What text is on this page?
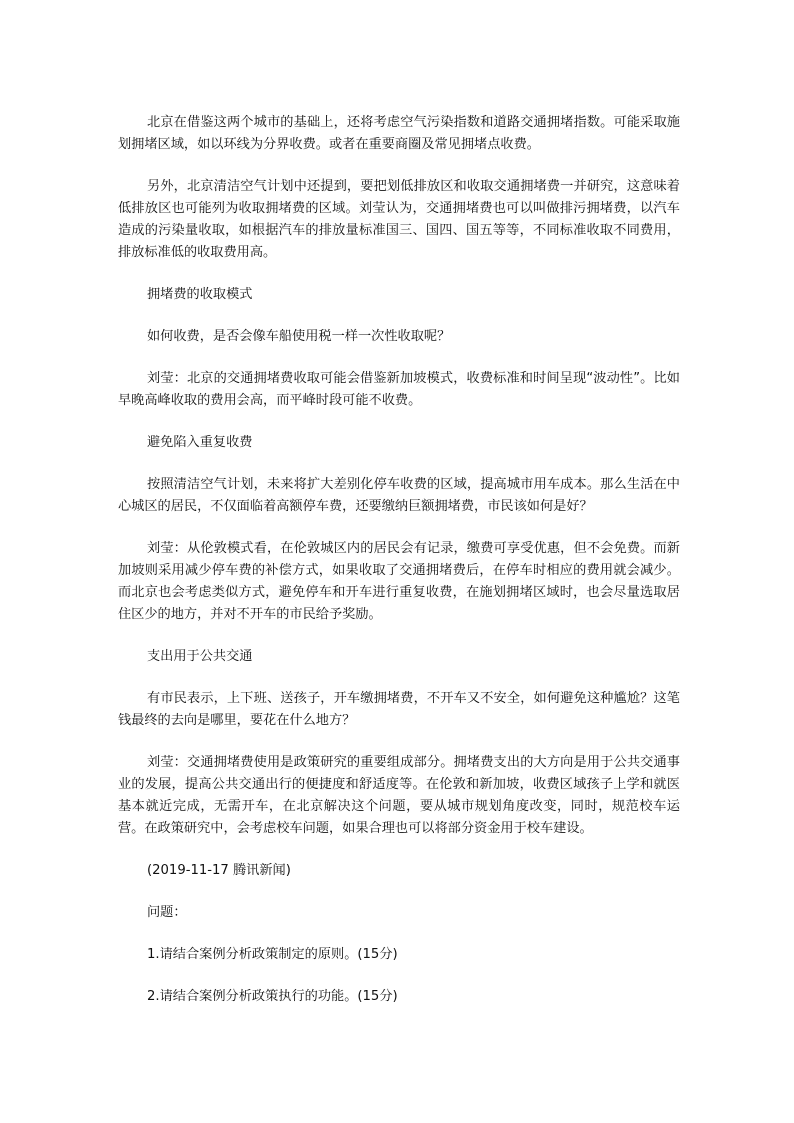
北京在借鉴这两个城市的基础上，还将考虑空气污染指数和道路交通拥堵指数。可能采取施划拥堵区域，如以环线为分界收费。或者在重要商圈及常见拥堵点收费。

另外，北京清洁空气计划中还提到，要把划低排放区和收取交通拥堵费一并研究，这意味着低排放区也可能列为收取拥堵费的区域。刘莹认为，交通拥堵费也可以叫做排污拥堵费，以汽车造成的污染量收取，如根据汽车的排放量标准国三、国四、国五等等，不同标准收取不同费用，排放标准低的收取费用高。

拥堵费的收取模式

如何收费，是否会像车船使用税一样一次性收取呢？

刘莹：北京的交通拥堵费收取可能会借鉴新加坡模式，收费标准和时间呈现“波动性”。比如早晚高峰收取的费用会高，而平峰时段可能不收费。

避免陷入重复收费

按照清洁空气计划，未来将扩大差别化停车收费的区域，提高城市用车成本。那么生活在中心城区的居民，不仅面临着高额停车费，还要缴纳巨额拥堵费，市民该如何是好？

刘莹：从伦敦模式看，在伦敦城区内的居民会有记录，缴费可享受优惠，但不会免费。而新加坡则采用减少停车费的补偿方式，如果收取了交通拥堵费后，在停车时相应的费用就会减少。而北京也会考虑类似方式，避免停车和开车进行重复收费，在施划拥堵区域时，也会尽量选取居住区少的地方，并对不开车的市民给予奖励。

支出用于公共交通

有市民表示，上下班、送孩子，开车缴拥堵费，不开车又不安全，如何避免这种尴尬？这笔钱最终的去向是哪里，要花在什么地方？

刘莹：交通拥堵费使用是政策研究的重要组成部分。拥堵费支出的大方向是用于公共交通事业的发展，提高公共交通出行的便捷度和舒适度等。在伦敦和新加坡，收费区域孩子上学和就医基本就近完成，无需开车，在北京解决这个问题，要从城市规划角度改变，同时，规范校车运营。在政策研究中，会考虑校车问题，如果合理也可以将部分资金用于校车建设。

(2019-11-17 腾讯新闻)

问题：

1.请结合案例分析政策制定的原则。(15分)

2.请结合案例分析政策执行的功能。(15分)
